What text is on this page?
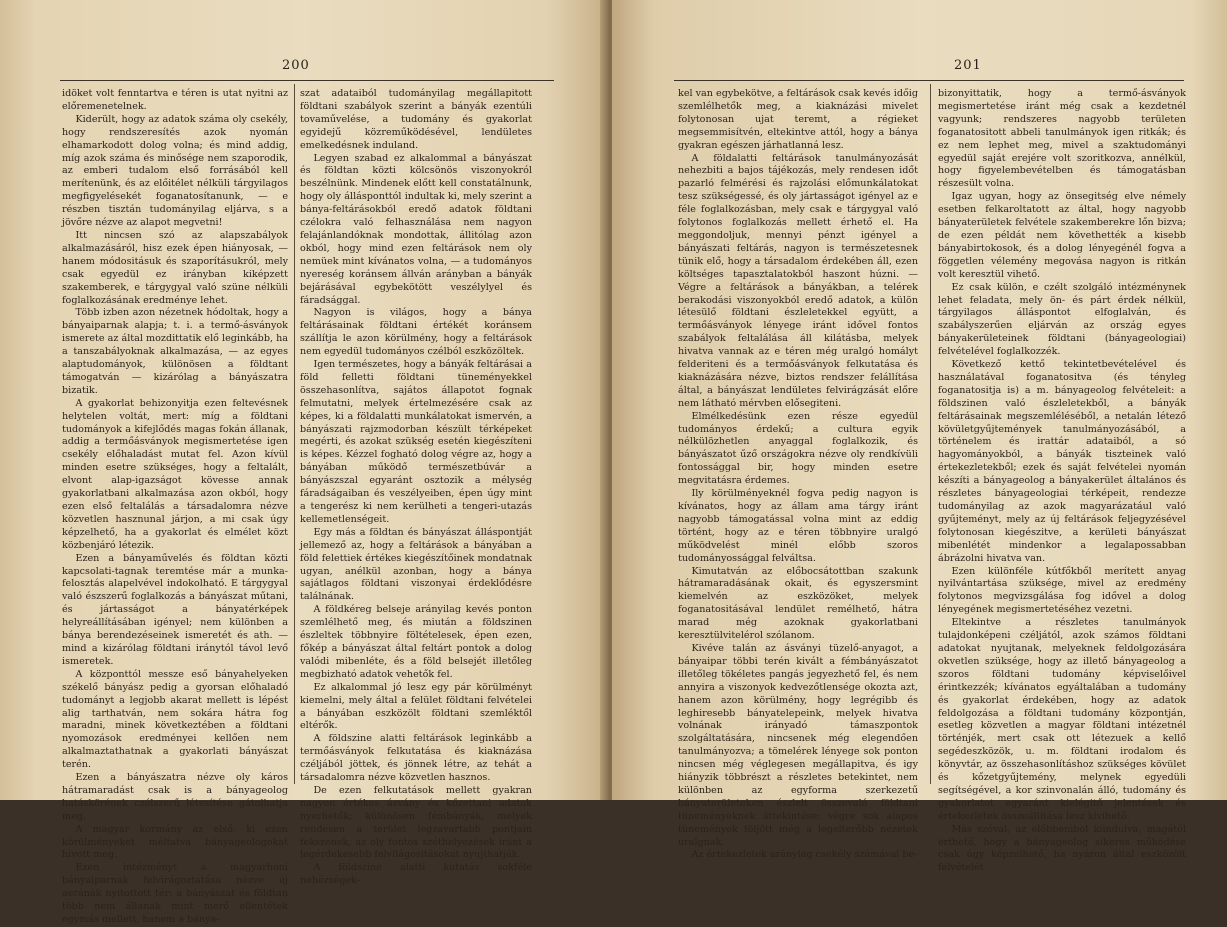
200

idöket volt fenntartva e téren is utat nyitni az előremenetelnek.

Kiderült, hogy az adatok száma oly csekély, hogy rendszeresítés azok nyomán elhamarkodott dolog volna; és mind addig, míg azok száma és minősége nem szaporodik, az emberi tudalom első forrásából kell merítenünk, és az előitélet nélküli tárgyilagos megfigyelésekét foganatosítanunk, — e részben tisztán tudományilag eljárva, s a jövőre nézve az alapot megvetni!

Itt nincsen szó az alapszabályok alkalmazásáról, hisz ezek épen hiányosak, — hanem módositásuk és szaporításukról, mely csak egyedül ez irányban kiképzett szakemberek, e tárgygyal való szüne nélküli foglalkozásának eredménye lehet.

Több izben azon nézetnek hódoltak, hogy a bányaiparnak alapja; t. i. a termő-ásványok ismerete az által mozdittatik elő leginkább, ha a tanszabályoknak alkalmazása, — az egyes alaptudományok, különösen a földtant támogatván — kizárólag a bányászatra bizatik.

A gyakorlat behizonyitja ezen feltevésnek helytelen voltát, mert: míg a földtani tudományok a kifejlődés magas fokán állanak, addig a termőásványok megismertetése igen csekély előhaladást mutat fel. Azon kívül minden esetre szükséges, hogy a feltalált, elvont alap-igazságot kövesse annak gyakorlatbani alkalmazása azon okból, hogy ezen első feltalálás a társadalomra nézve közvetlen hasznunal járjon, a mi csak úgy képzelhető, ha a gyakorlat és elmélet közt közbenjáró létezik.

Ezen a bányaművelés és földtan közti kapcsolati-tagnak teremtése már a munka-felosztás alapelvével indokolható. E tárgygyal való észszerű foglalkozás a bányászat műtani, és jártasságot a bányatérképek helyreállításában igényel; nem különben a bánya berendezéseinek ismeretét és ath. — mind a kizárólag földtani iránytól távol levő ismeretek.

A központtól messze eső bányahelyeken székelő bányász pedig a gyorsan előhaladó tudományt a legjobb akarat mellett is lépést alig tarthatván, nem sokára hátra fog maradni, minek következtében a földtani nyomozások eredményei kellően nem alkalmaztathatnak a gyakorlati bányászat terén.

Ezen a bányászatra nézve oly káros hátramaradást csak is a bányageolog hatáskörének czélszerű létesítése gátolhatja meg.

A magyar kormány az első, ki ezen körülményeket méltatva bányageologokat hivott meg.

Ezen intézményt a magyarhoni bányaiparnak felvirágoztatása nézve új aeránák nyitottott tér; a bányászat és földtan több nem állanak mint merő ellentétek egymás mellett, hanem a bánya-

szat adataiból tudományilag megállapitott földtani szabályok szerint a bányák ezentúli tovaművelése, a tudomány és gyakorlat egyidejű közreműködésével, lendületes emelkedésnek induland.

Legyen szabad ez alkalommal a bányászat és földtan közti kölcsönös viszonyokról beszélnünk. Mindenek előtt kell constatálnunk, hogy oly állásponttól indultak ki, mely szerint a bánya-feltárásokból eredő adatok földtani czélokra való felhasználása nem nagyon felajánlandóknak mondottak, állitólag azon okból, hogy mind ezen feltárások nem oly nemüek mint kívánatos volna, — a tudományos nyereség koránsem állván arányban a bányák bejárásával egybekötött veszélylyel és fáradsággal.

Nagyon is világos, hogy a bánya feltárásainak földtani értékét koránsem szállítja le azon körülmény, hogy a feltárások nem egyedül tudományos czélból eszközöltek.

Igen természetes, hogy a bányák feltárásai a föld felletti földtani tüneményekkel összehasonlítva, sajátos állapotot fognak felmutatni, melyek értelmezésére csak az képes, ki a földalatti munkálatokat ismervén, a bányászati rajzmodorban készült térképeket megérti, és azokat szükség esetén kiegészíteni is képes. Kézzel fogható dolog végre az, hogy a bányában működő természetbúvár a bányászszal egyaránt osztozik a mélység fáradságaiban és veszélyeiben, épen úgy mint a tengerész ki nem kerülheti a tengeri-utazás kellemetlenségeit.

Egy más a földtan és bányászat álláspontját jellemező az, hogy a feltárások a bányában a föld felettiek értékes kiegészítőinek mondatnak ugyan, anélkül azonban, hogy a bánya sajátlagos földtani viszonyai érdeklődésre találnának.

A földkéreg belseje arányilag kevés ponton szemlélhető meg, és miután a földszinen észleltek többnyire föltételesek, épen ezen, főkép a bányászat által feltárt pontok a dolog valódi mibenléte, és a föld belsejét illetőleg megbizható adatok vehetők fel.

Ez alkalommal jó lesz egy pár körülményt kiemelni, mely által a felület földtani felvételei a bányában eszközölt földtani szemléktől eltérők.

A földszine alatti feltárások leginkább a termőásványok felkutatása és kiaknázása czéljából jöttek, és jönnek létre, az tehát a társadalomra nézve közvetlen hasznos.

De ezen felkutatások mellett gyakran nagyon értékes ásvány és kőzettani adatok nyerhetők; különösen fémbányák, melyek rendesen a terület legzavartabb pontjain fekszenek, az oly fontos széthelyezések iránt a legérdekesebb felvilágositásokat nyujthatják.

A földszine alatti kutatás sokféle nehézségek-

201

kel van egybekötve, a feltárások csak kevés időig szemlélhetők meg, a kiaknázási mivelet folytonosan ujat teremt, a régieket megsemmisítvén, eltekintve attól, hogy a bánya gyakran egészen járhatlanná lesz.

A földalatti feltárások tanulmányozását nehezbiti a bajos tájékozás, mely rendesen időt pazarló felmérési és rajzolási előmunkálatokat tesz szükségessé, és oly jártasságot igényel az e féle foglalkozásban, mely csak e tárgygyal való folytonos foglalkozás mellett érhető el. Ha meggondoljuk, mennyi pénzt igényel a bányászati feltárás, nagyon is természetesnek tünik elő, hogy a társadalom érdekében áll, ezen költséges tapasztalatokból haszont húzni. — Végre a feltárások a bányákban, a telérek berakodási viszonyokból eredő adatok, a külön létesülő földtani észleletekkel együtt, a termőásványok lényege iránt idővel fontos szabályok feltalálása áll kilátásba, melyek hivatva vannak az e téren még uralgó homályt felderiteni és a termőásványok felkutatása és kiaknázására nézve, biztos rendszer felállítása által, a bányászat lendületes felvirágzását előre nem látható mérvben elősegiteni.

Elmélkedésünk ezen része egyedül tudományos érdekű; a cultura egyik nélkülözhetlen anyaggal foglalkozik, és bányászatot űző országokra nézve oly rendkívüli fontossággal bir, hogy minden esetre megvitatásra érdemes.

Ily körülményeknél fogva pedig nagyon is kívánatos, hogy az állam ama tárgy iránt nagyobb támogatással volna mint az eddig történt, hogy az e téren többnyire uralgó működvelést minél előbb szoros tudományossággal felváltsa.

Kimutatván az előbocsátottban szakunk hátramaradásának okait, és egyszersmint kiemelvén az eszközöket, melyek foganatositásával lendület remélhető, hátra marad még azoknak gyakorlatbani keresztülvitelérol szólanom.

Kivéve talán az ásványi tüzelő-anyagot, a bányaipar többi terén kivált a fémbányászatot illetőleg tökéletes pangás jegyezhető fel, és nem annyira a viszonyok kedvezőtlensége okozta azt, hanem azon körülmény, hogy legrégibb és leghiresebb bányatelepeink, melyek hivatva volnának irányadó támaszpontok szolgáltatására, nincsenek még elegendően tanulmányozva; a tömelérek lényege sok ponton nincsen még véglegesen megállapitva, és igy hiányzik többrészt a részletes betekintet, nem különben az egyforma szerkezetű bányaterületeken észlelt összevaló földtani tüneményeknek áttekintése; végre sok alapos tünemények följött még a legelterőbb nézetek uralgnak.

Az értekezletek aránylag csekély számával be-

bizonyittatik, hogy a termő-ásványok megismertetése iránt még csak a kezdetnél vagyunk; rendszeres nagyobb területen foganatositott abbeli tanulmányok igen ritkák; és ez nem lephet meg, mivel a szaktudományi egyedül saját erejére volt szoritkozva, annélkül, hogy figyelembevételben és támogatásban részesült volna.

Igaz ugyan, hogy az önsegitség elve némely esetben felkaroltatott az által, hogy nagyobb bányaterületek felvétele szakemberekre lőn bizva; de ezen példát nem követhették a kisebb bányabirtokosok, és a dolog lényegénél fogva a föggetlen vélemény megovása nagyon is ritkán volt keresztül vihető.

Ez csak külön, e czélt szolgáló intézménynek lehet feladata, mely ön- és párt érdek nélkül, tárgyilagos álláspontot elfoglalván, és szabályszerűen eljárván az ország egyes bányakerületeinek földtani (bányageologiai) felvételével foglalkozzék.

Következő kettő tekintetbevételével és használatával foganatositva (és tényleg foganatositja is) a m. bányageolog felvételeit: a földszinen való észleletekből, a bányák feltárásainak megszemléléséből, a netalán létező kövületgyűjtemények tanulmányozásából, a történelem és irattár adataiból, a só hagyományokból, a bányák tiszteinek való értekezletekből; ezek és saját felvételei nyomán készíti a bányageolog a bányakerület általános és részletes bányageologiai térképeit, rendezze tudományilag az azok magyarázatául való gyűjteményt, mely az új feltárások feljegyzésével folytonosan kiegészitve, a kerületi bányászat mibenlétét mindenkor a legalapossabban ábrázolni hivatva van.

Ezen különféle kútfőkből merített anyag nyilvántartása szüksége, mivel az eredmény folytonos megvizsgálása fog idővel a dolog lényegének megismertetéséhez vezetni.

Eltekintve a részletes tanulmányok tulajdonképeni czéljától, azok számos földtani adatokat nyujtanak, melyeknek feldolgozására okvetlen szüksége, hogy az illető bányageolog a szoros földtani tudomány képviselőivel érintkezzék; kívánatos egyáltalában a tudomány és gyakorlat érdekében, hogy az adatok feldolgozása a földtani tudomány központján, esetleg közvetlen a magyar földtani intézetnél történjék, mert csak ott létezuek a kellő segédeszközök, u. m. földtani irodalom és könyvtár, az összehasonlításhoz szükséges kövület és kőzetgyűjtemény, melynek egyedüli segítségével, a kor szinvonalán álló, tudomány és gyakorlatot egyaránt kielégitő jelentések és értekezletek összeállítása lesz kivihető.

Más szóval, az előbbenibol kiindulva, magától érthető, hogy a bányageolog sikeres működése csak úgy képzelhető, ha nyáron által eszközölt felvételét
